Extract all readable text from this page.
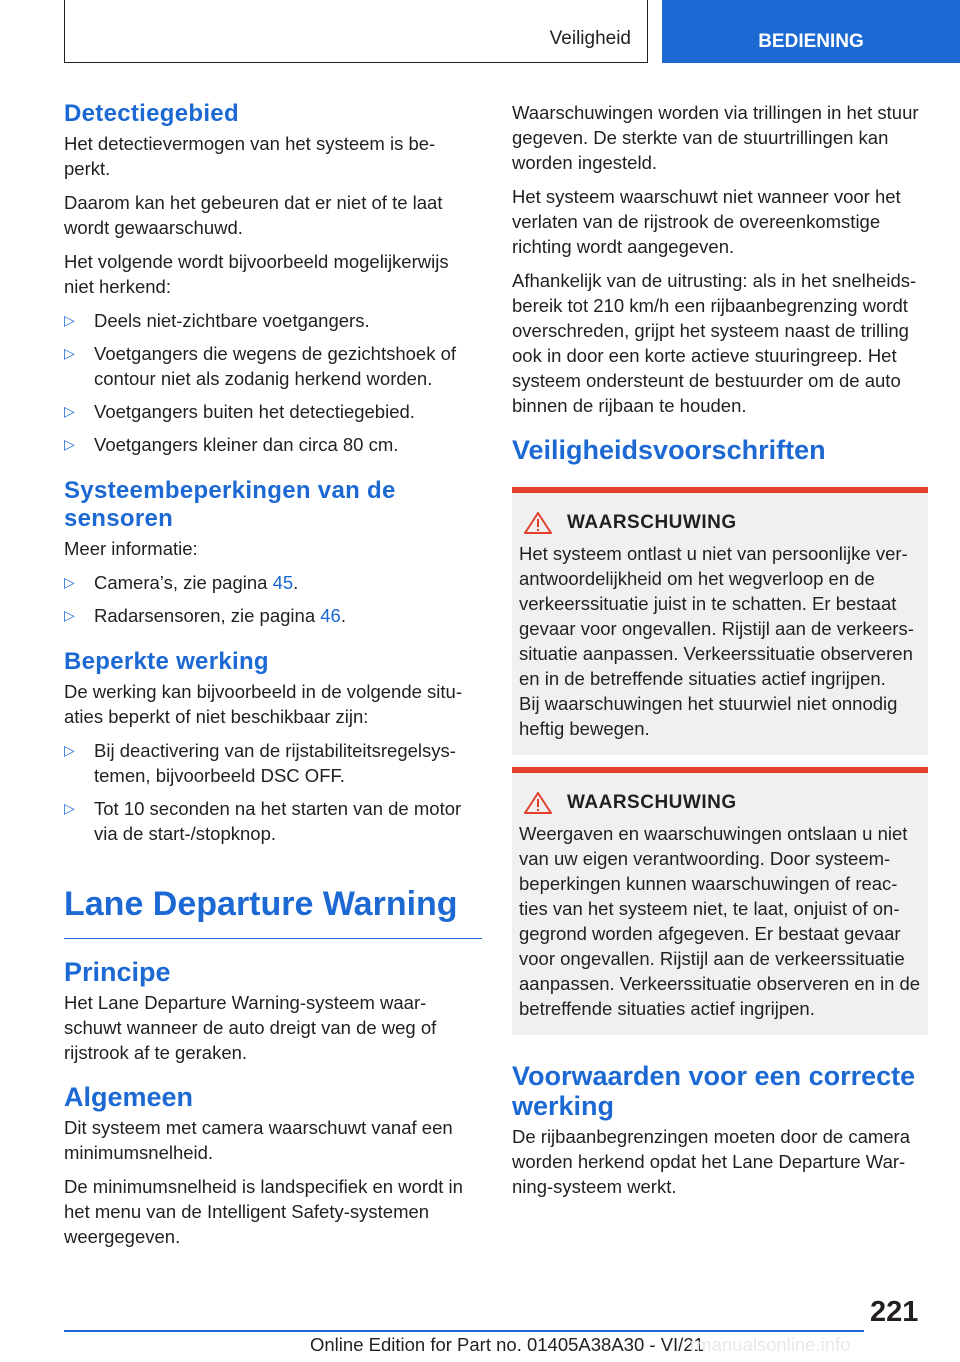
Veiligheid	BEDIENING
Detectiegebied

Het detectievermogen van het systeem is be- perkt.

Daarom kan het gebeuren dat er niet of te laat wordt gewaarschuwd.

Het volgende wordt bijvoorbeeld mogelijkerwijs niet herkend:

▷ Deels niet-zichtbare voetgangers.
▷ Voetgangers die wegens de gezichtshoek of contour niet als zodanig herkend worden.
▷ Voetgangers buiten het detectiegebied.
▷ Voetgangers kleiner dan circa 80 cm.
Systeembeperkingen van de sensoren

Meer informatie:

▷ Camera’s, zie pagina 45.
▷ Radarsensoren, zie pagina 46.
Beperkte werking

De werking kan bijvoorbeeld in de volgende situ- aties beperkt of niet beschikbaar zijn:

▷ Bij deactivering van de rijstabiliteitsregelsys- temen, bijvoorbeeld DSC OFF.
▷ Tot 10 seconden na het starten van de motor via de start-/stopknop.
Lane Departure Warning
Principe

Het Lane Departure Warning-systeem waar- schuwt wanneer de auto dreigt van de weg of rijstrook af te geraken.

Algemeen

Dit systeem met camera waarschuwt vanaf een minimumsnelheid.

De minimumsnelheid is landspecifiek en wordt in het menu van de Intelligent Safety-systemen weergegeven.

Waarschuwingen worden via trillingen in het stuur gegeven. De sterkte van de stuurtrillingen kan worden ingesteld.

Het systeem waarschuwt niet wanneer voor het verlaten van de rijstrook de overeenkomstige richting wordt aangegeven.

Afhankelijk van de uitrusting: als in het snelheids- bereik tot 210 km/h een rijbaanbegrenzing wordt overschreden, grijpt het systeem naast de trilling ook in door een korte actieve stuuringreep. Het systeem ondersteunt de bestuurder om de auto binnen de rijbaan te houden.

Veiligheidsvoorschriften
WAARSCHUWING

Het systeem ontlast u niet van persoonlijke ver- antwoordelijkheid om het wegverloop en de verkeerssituatie juist in te schatten. Er bestaat gevaar voor ongevallen. Rijstijl aan de verkeers- situatie aanpassen. Verkeerssituatie observeren en in de betreffende situaties actief ingrijpen.

Bij waarschuwingen het stuurwiel niet onnodig heftig bewegen.

WAARSCHUWING

Weergaven en waarschuwingen ontslaan u niet van uw eigen verantwoording. Door systeem- beperkingen kunnen waarschuwingen of reac- ties van het systeem niet, te laat, onjuist of on- gegrond worden afgegeven. Er bestaat gevaar voor ongevallen. Rijstijl aan de verkeerssituatie aanpassen. Verkeerssituatie observeren en in de betreffende situaties actief ingrijpen.

Voorwaarden voor een correcte werking

De rijbaanbegrenzingen moeten door de camera worden herkend opdat het Lane Departure War- ning-systeem werkt.

221
Online Edition for Part no. 01405A38A30 - VI/21
rmanualsonline.info
